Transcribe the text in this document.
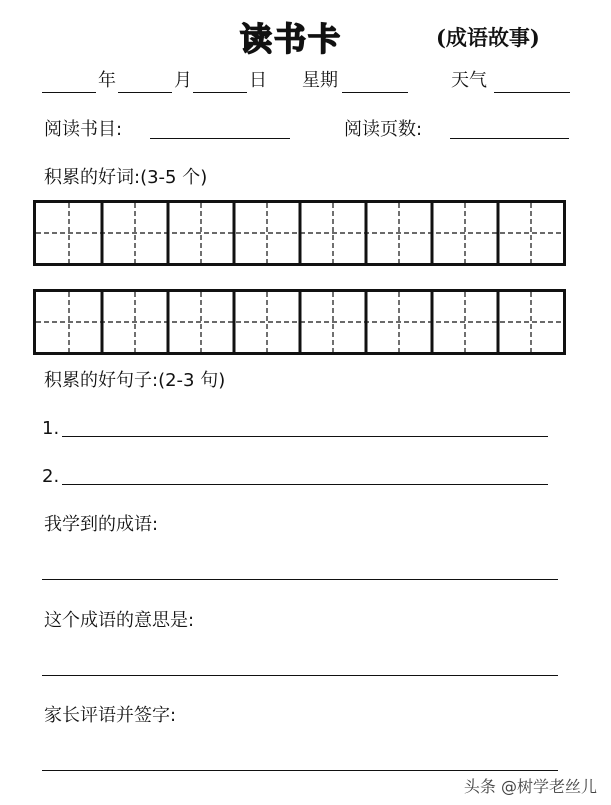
读书卡	(成语故事)
年	月	日 星期	天气
阅读书目:	阅读页数:
积累的好词:(3-5 个)
积累的好句子:(2-3 句)
1.
2.
我学到的成语:
这个成语的意思是:
家长评语并签字:
头条 @树学老丝儿
